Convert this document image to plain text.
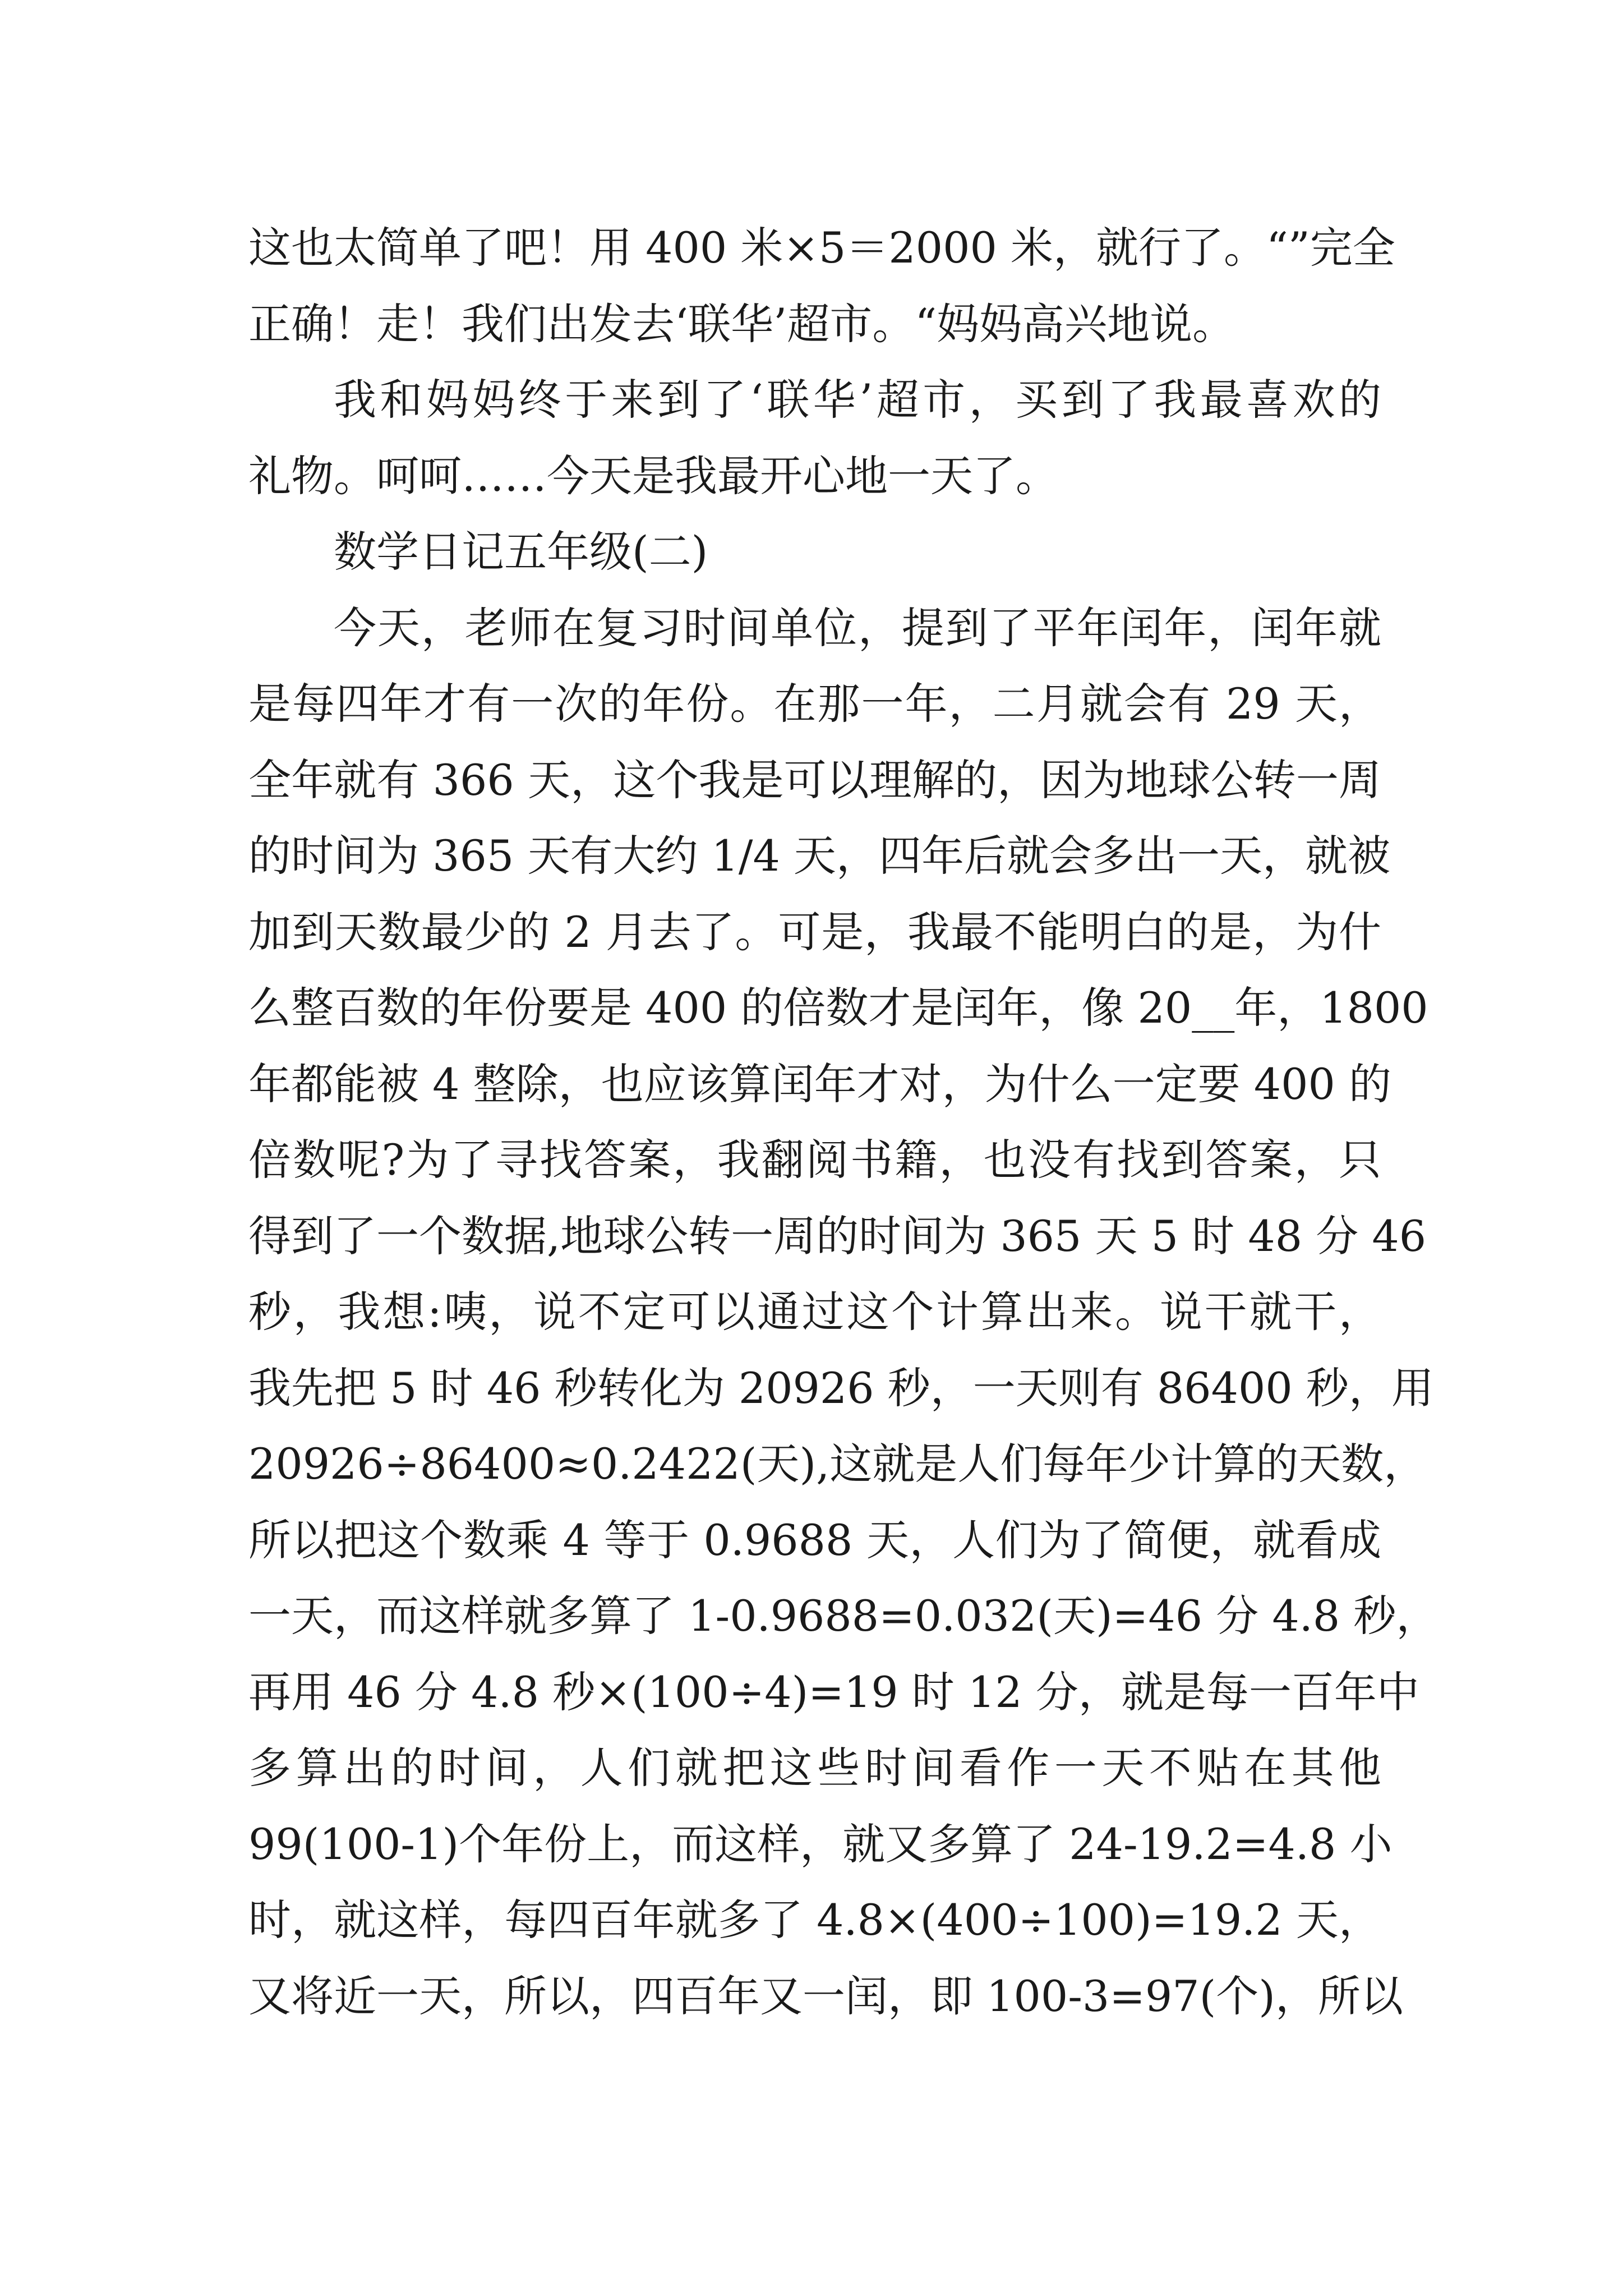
这也太简单了吧！用 400 米×5＝2000 米，就行了。“”完全
正确！走！我们出发去‘联华’超市。“妈妈高兴地说。
我和妈妈终于来到了‘联华’超市，买到了我最喜欢的
礼物。呵呵……今天是我最开心地一天了。
数学日记五年级(二)
今天，老师在复习时间单位，提到了平年闰年，闰年就
是每四年才有一次的年份。在那一年，二月就会有 29 天，
全年就有 366 天，这个我是可以理解的，因为地球公转一周
的时间为 365 天有大约 1/4 天，四年后就会多出一天，就被
加到天数最少的 2 月去了。可是，我最不能明白的是，为什
么整百数的年份要是 400 的倍数才是闰年，像 20__年，1800
年都能被 4 整除，也应该算闰年才对，为什么一定要 400 的
倍数呢?为了寻找答案，我翻阅书籍，也没有找到答案，只
得到了一个数据,地球公转一周的时间为 365 天 5 时 48 分 46
秒，我想:咦，说不定可以通过这个计算出来。说干就干，
我先把 5 时 46 秒转化为 20926 秒，一天则有 86400 秒，用
20926÷86400≈0.2422(天),这就是人们每年少计算的天数，
所以把这个数乘 4 等于 0.9688 天，人们为了简便，就看成
一天，而这样就多算了 1-0.9688=0.032(天)=46 分 4.8 秒，
再用 46 分 4.8 秒×(100÷4)=19 时 12 分，就是每一百年中
多算出的时间，人们就把这些时间看作一天不贴在其他
99(100-1)个年份上，而这样，就又多算了 24-19.2=4.8 小
时，就这样，每四百年就多了 4.8×(400÷100)=19.2 天，
又将近一天，所以，四百年又一闰，即 100-3=97(个)，所以
